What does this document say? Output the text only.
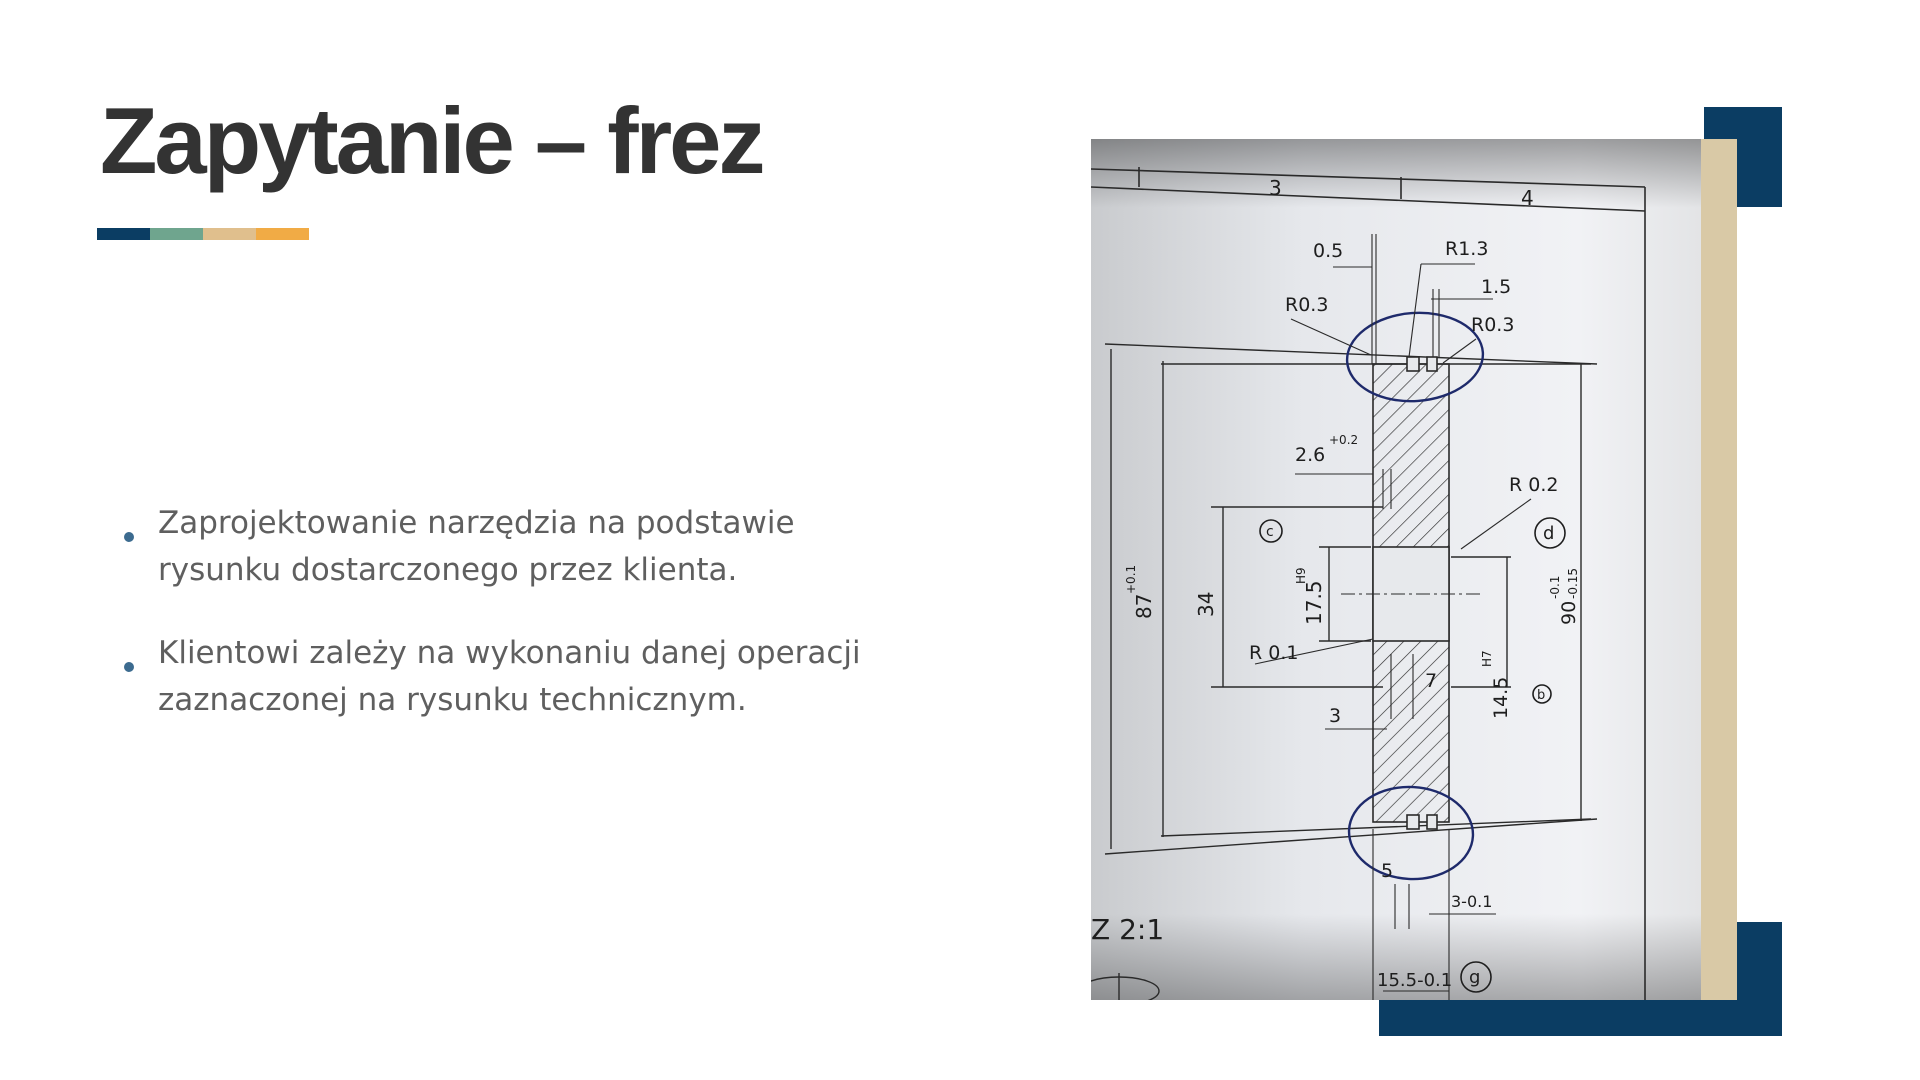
Zapytanie – frez
Zaprojektowanie narzędzia na podstawie rysunku dostarczonego przez klienta.
Klientowi zależy na wykonaniu danej operacji zaznaczonej na rysunku technicznym.
3	4
0.5	R1.3
R0.3
1.5
R0.3
2.6
+0.2
R 0.2
87
+0.1
34	17.5
H9
R 0.1
90
-0.1 -0.15
14.5
H7
7
3
5
3-0.1
15.5-0.1
Z 2:1
c	d
b
g
